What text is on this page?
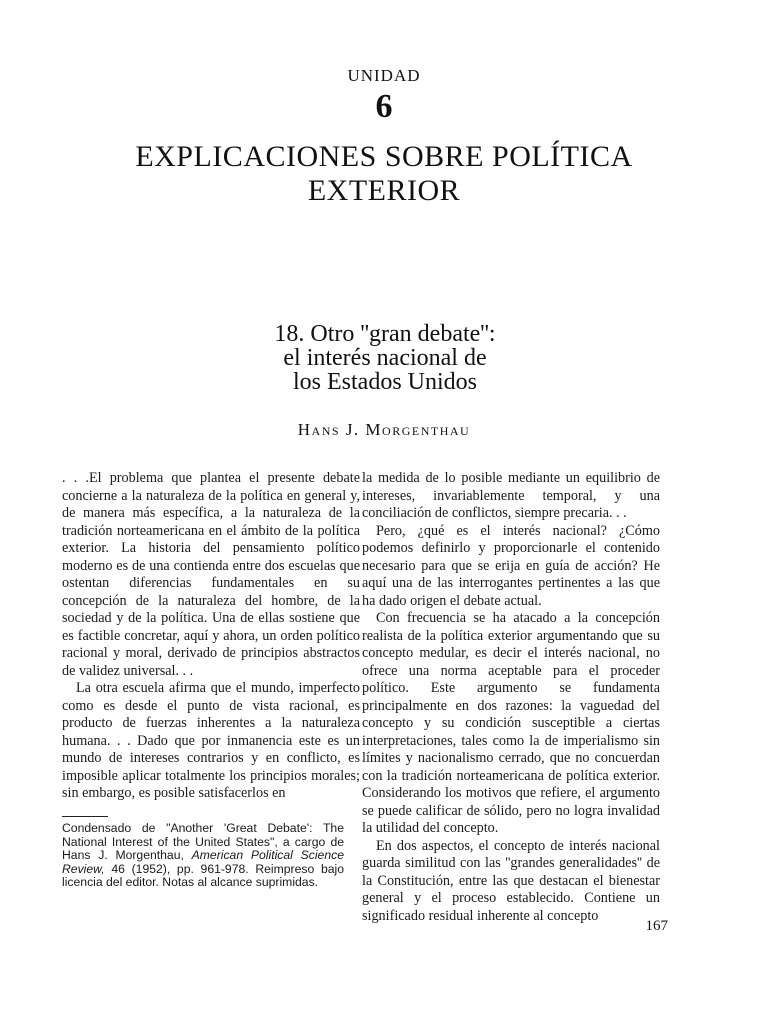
UNIDAD
6
EXPLICACIONES SOBRE POLÍTICA EXTERIOR
18. Otro ''gran debate'':
el interés nacional de
los Estados Unidos
Hans J. Morgenthau

. . .El problema que plantea el presente debate concierne a la naturaleza de la política en general y, de manera más específica, a la naturaleza de la tradición norteamericana en el ámbito de la política exterior. La historia del pensamiento político moderno es de una contienda entre dos escuelas que ostentan diferencias fundamentales en su concepción de la naturaleza del hombre, de la sociedad y de la política. Una de ellas sostiene que es factible concretar, aquí y ahora, un orden político racional y moral, derivado de principios abstractos de validez universal. . .

La otra escuela afirma que el mundo, imperfecto como es desde el punto de vista racional, es producto de fuerzas inherentes a la naturaleza humana. . . Dado que por inmanencia este es un mundo de intereses contrarios y en conflicto, es imposible aplicar totalmente los principios morales; sin embargo, es posible satisfacerlos en

la medida de lo posible mediante un equilibrio de intereses, invariablemente temporal, y una conciliación de conflictos, siempre precaria. . .

Pero, ¿qué es el interés nacional? ¿Cómo podemos definirlo y proporcionarle el contenido necesario para que se erija en guía de acción? He aquí una de las interrogantes pertinentes a las que ha dado origen el debate actual.

Con frecuencia se ha atacado a la concepción realista de la política exterior argumentando que su concepto medular, es decir el interés nacional, no ofrece una norma aceptable para el proceder político. Este argumento se fundamenta principalmente en dos razones: la vaguedad del concepto y su condición susceptible a ciertas interpretaciones, tales como la de imperialismo sin límites y nacionalismo cerrado, que no concuerdan con la tradición norteamericana de política exterior. Considerando los motivos que refiere, el argumento se puede calificar de sólido, pero no logra invalidad la utilidad del concepto.

En dos aspectos, el concepto de interés nacional guarda similitud con las ''grandes generalidades'' de la Constitución, entre las que destacan el bienestar general y el proceso establecido. Contiene un significado residual inherente al concepto

Condensado de "Another 'Great Debate': The National Interest of the United States", a cargo de Hans J. Morgenthau, American Political Science Review, 46 (1952), pp. 961-978. Reimpreso bajo licencia del editor. Notas al alcance suprimidas.
167
